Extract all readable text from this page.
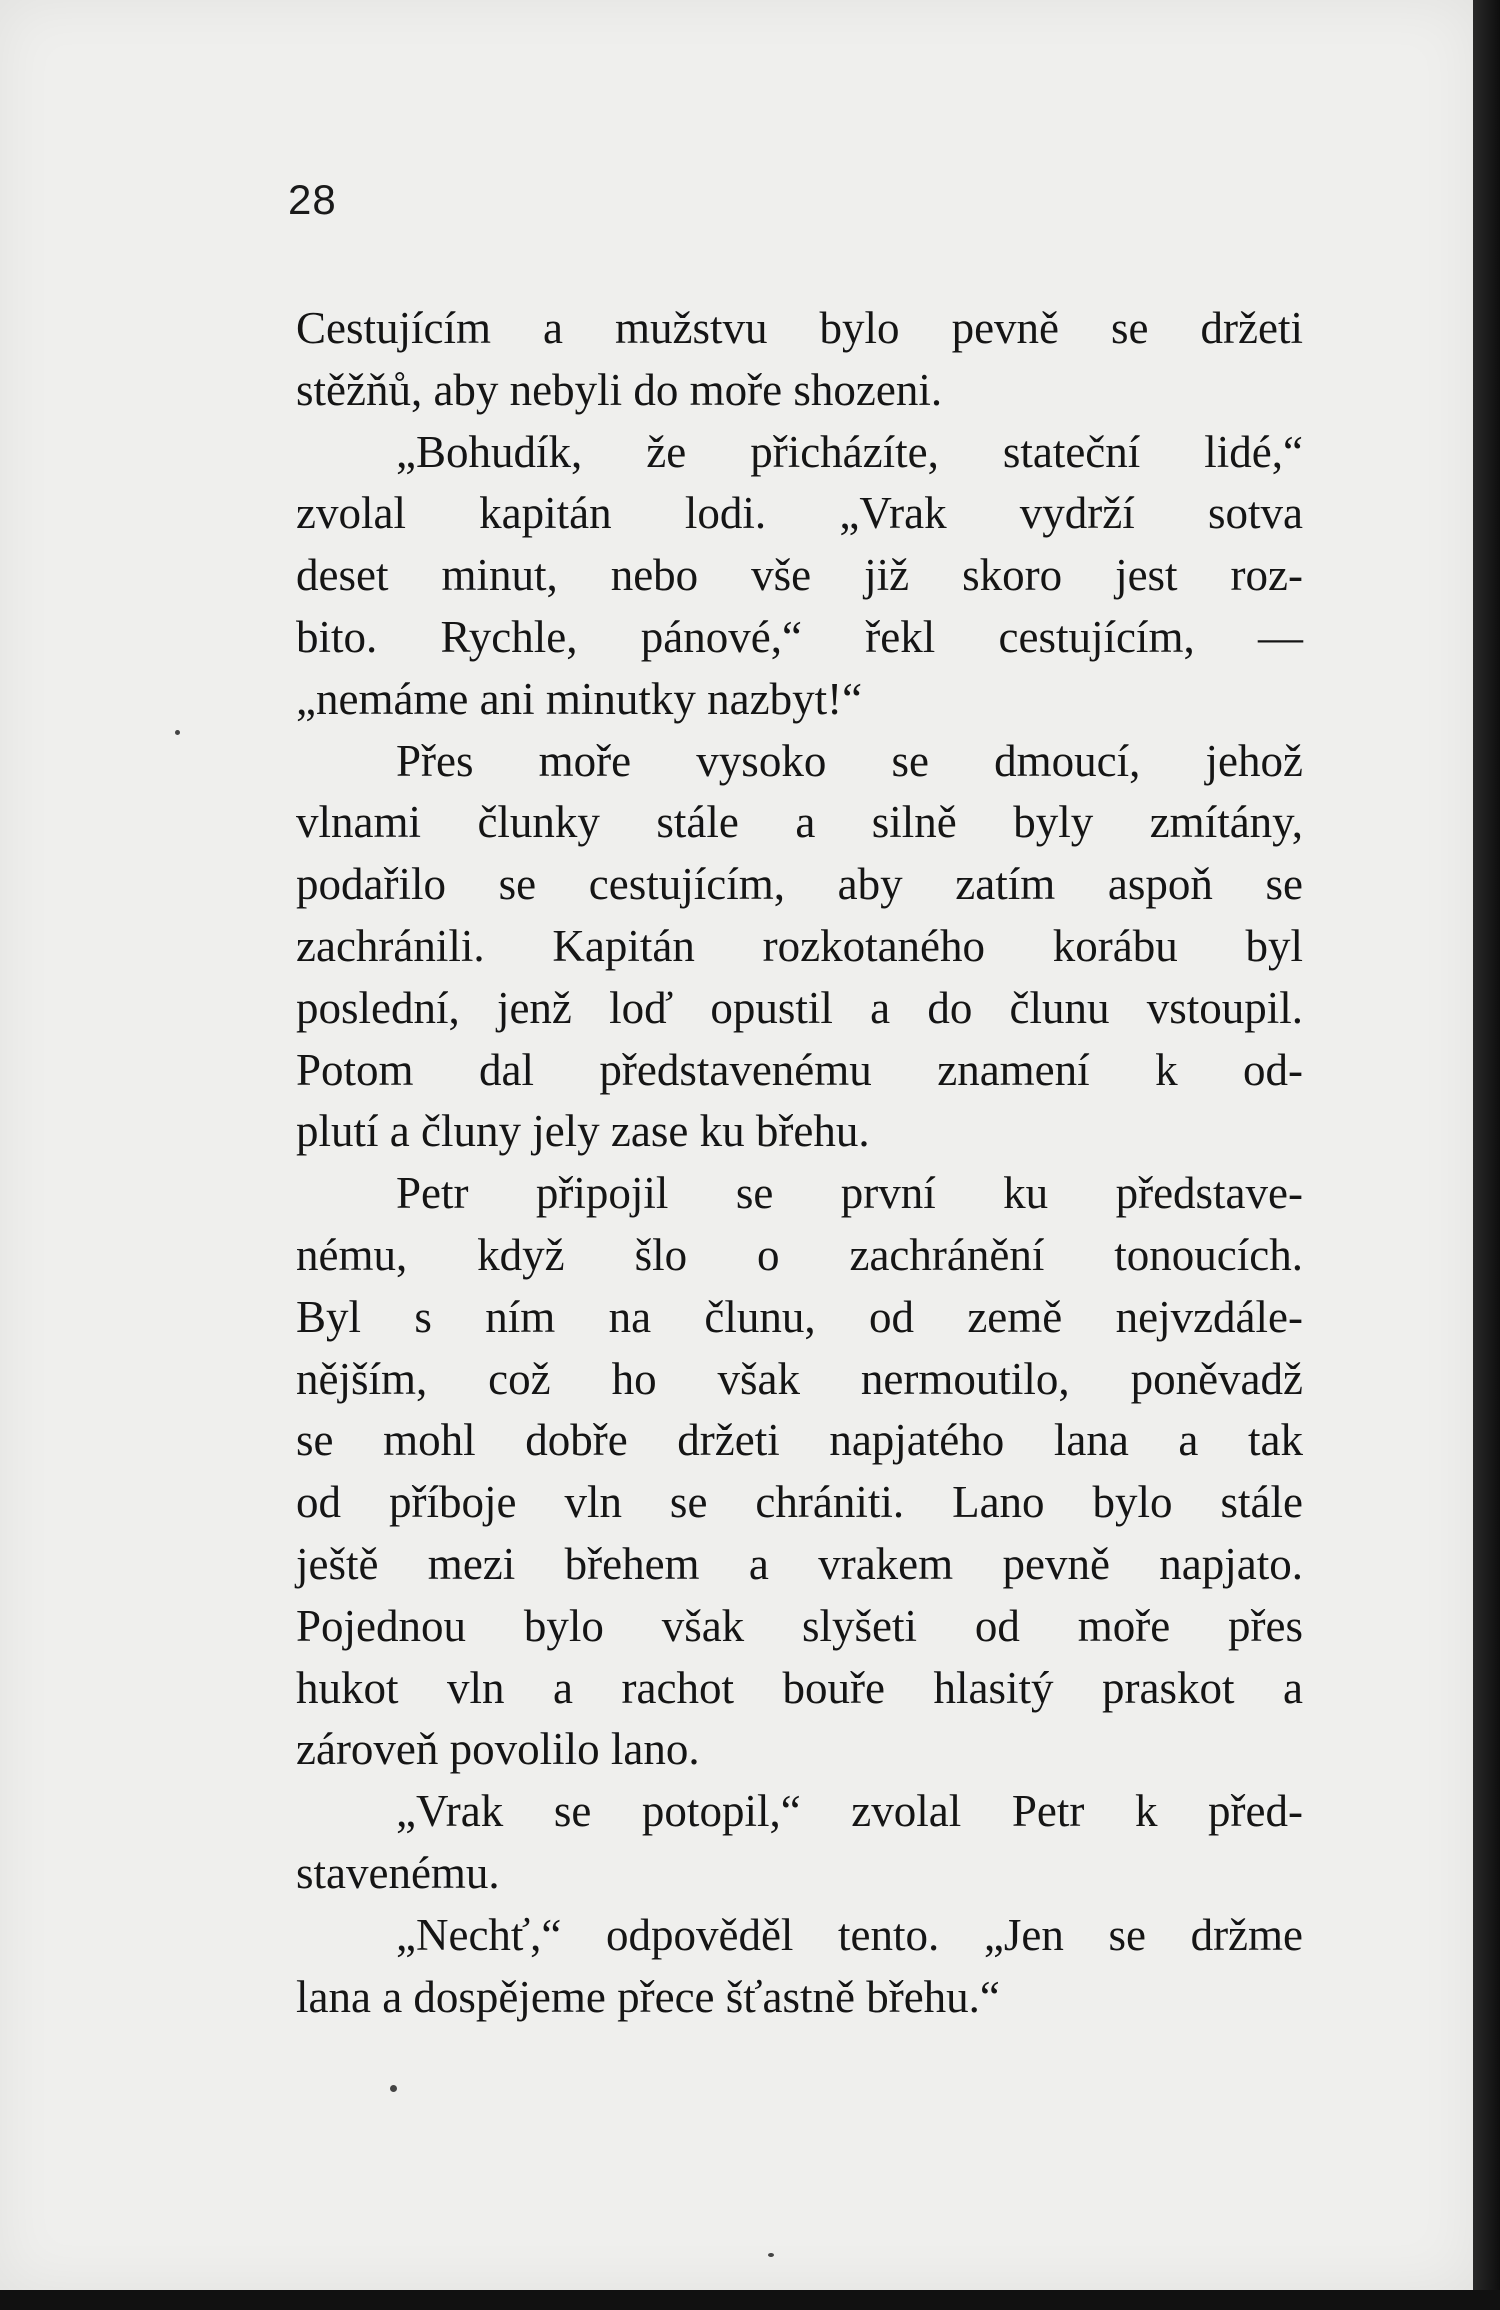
28
Cestujícím a mužstvu bylo pevně se držeti
stěžňů, aby nebyli do moře shozeni.
„Bohudík, že přicházíte, stateční lidé,“
zvolal kapitán lodi. „Vrak vydrží sotva
deset minut, nebo vše již skoro jest roz-
bito. Rychle, pánové,“ řekl cestujícím, —
„nemáme ani minutky nazbyt!“
Přes moře vysoko se dmoucí, jehož
vlnami člunky stále a silně byly zmítány,
podařilo se cestujícím, aby zatím aspoň se
zachránili. Kapitán rozkotaného korábu byl
poslední, jenž loď opustil a do člunu vstoupil.
Potom dal představenému znamení k od-
plutí a čluny jely zase ku břehu.
Petr připojil se první ku představe-
nému, když šlo o zachránění tonoucích.
Byl s ním na člunu, od země nejvzdále-
nějším, což ho však nermoutilo, poněvadž
se mohl dobře držeti napjatého lana a tak
od příboje vln se chrániti. Lano bylo stále
ještě mezi břehem a vrakem pevně napjato.
Pojednou bylo však slyšeti od moře přes
hukot vln a rachot bouře hlasitý praskot a
zároveň povolilo lano.
„Vrak se potopil,“ zvolal Petr k před-
stavenému.
„Nechť,“ odpověděl tento. „Jen se držme
lana a dospějeme přece šťastně břehu.“
